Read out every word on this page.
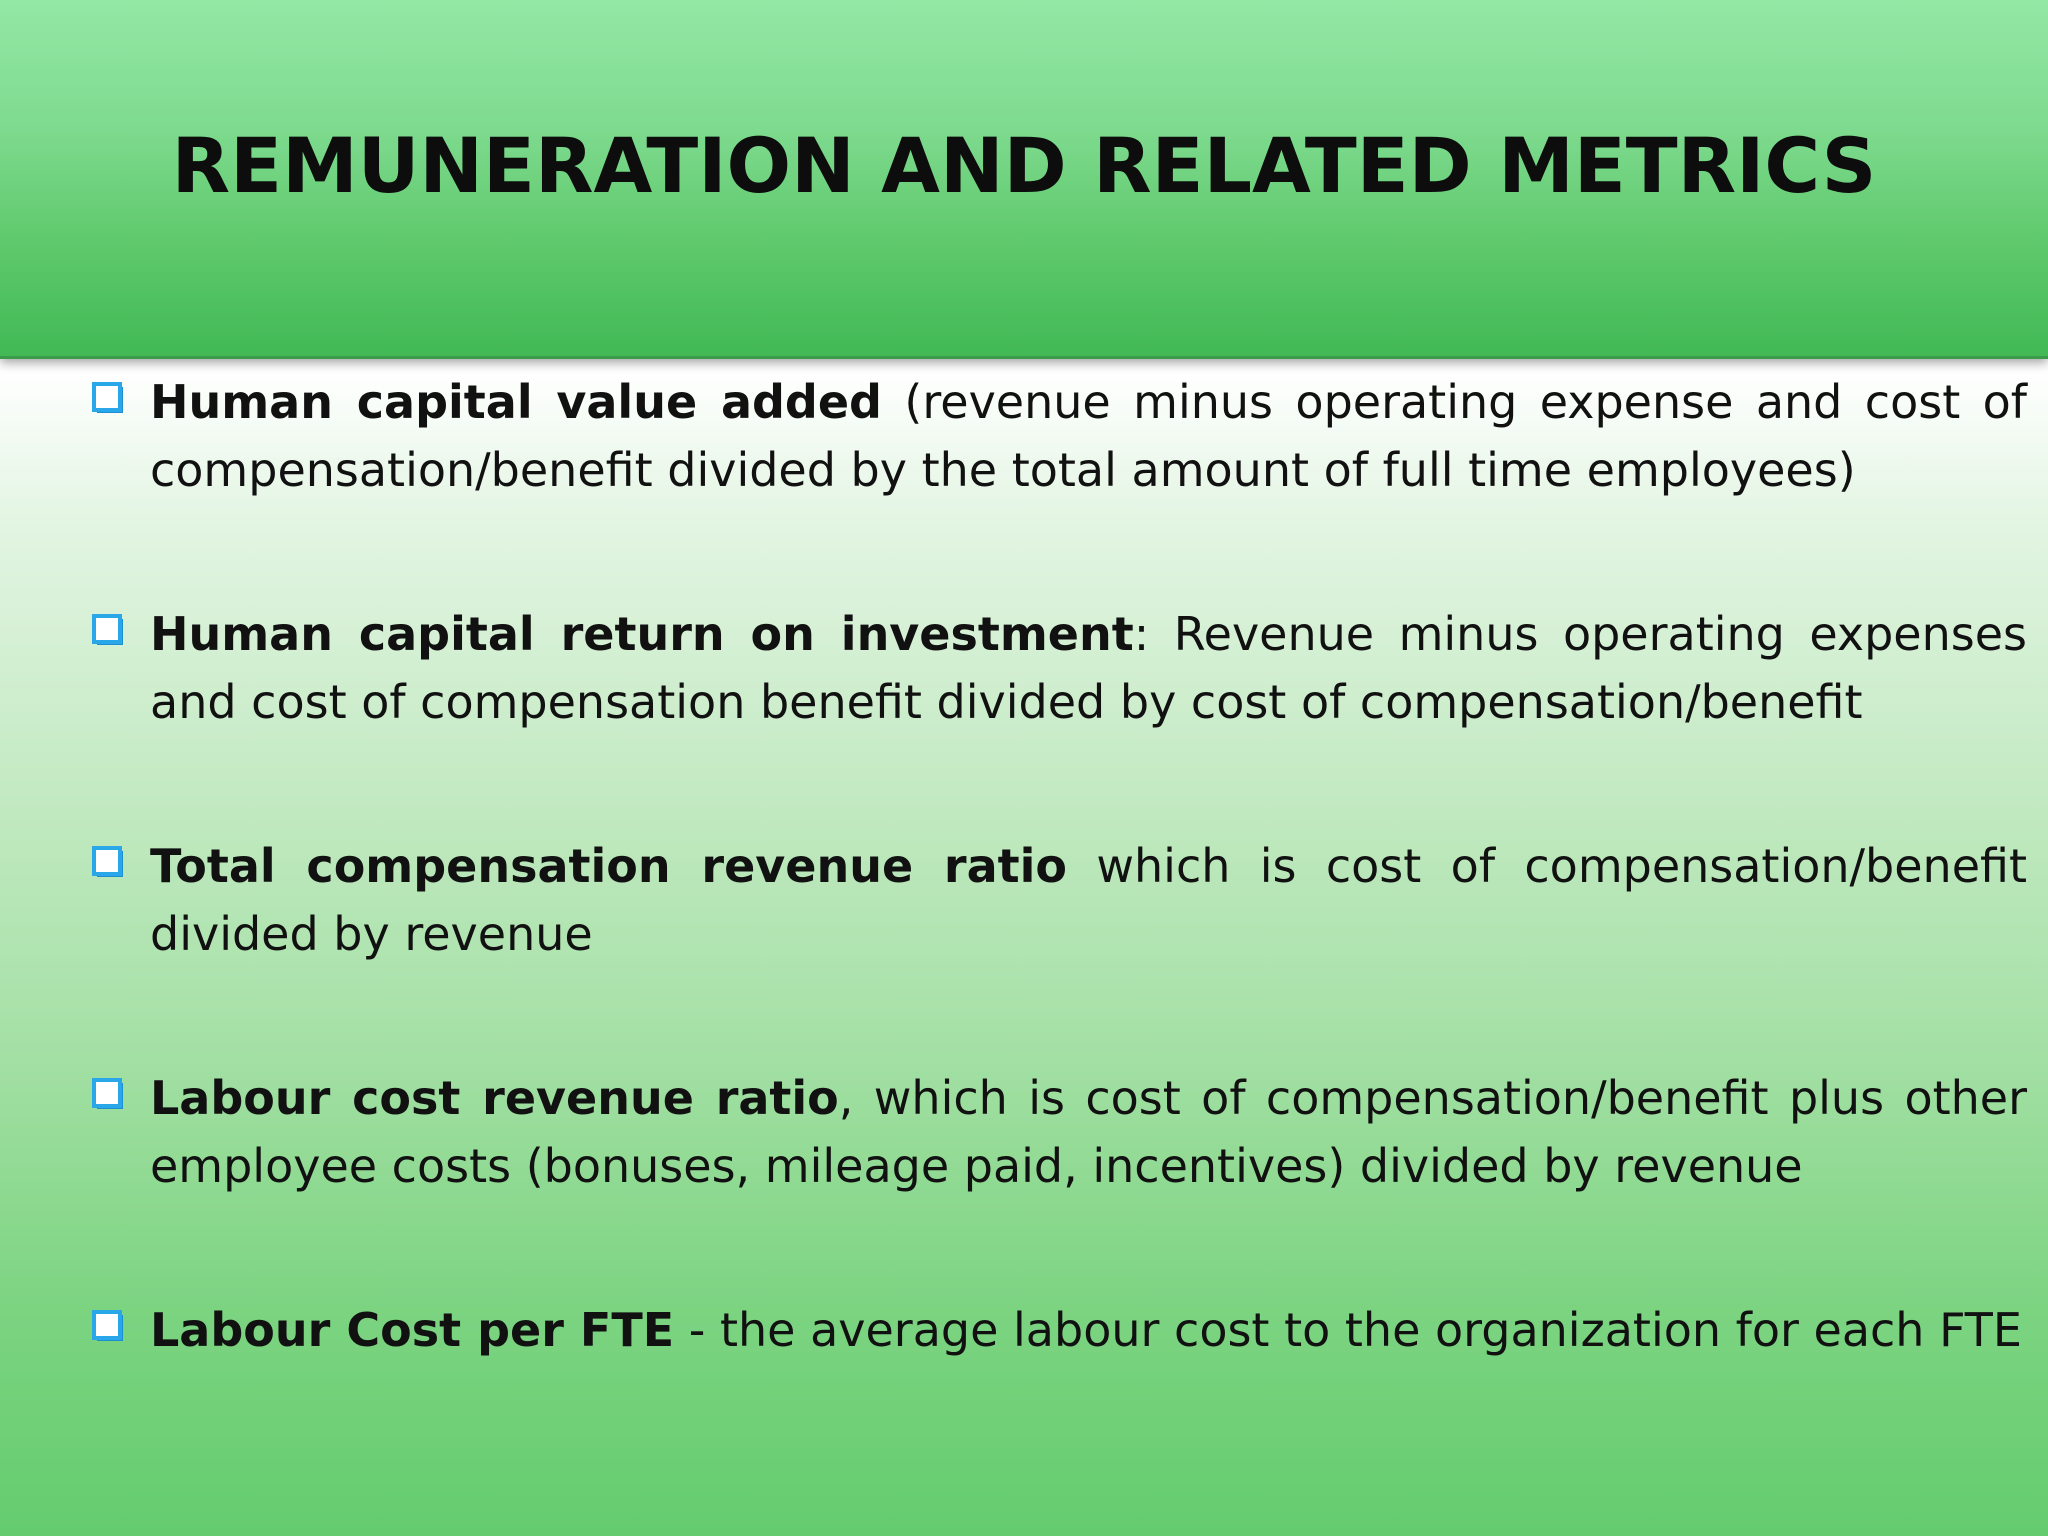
REMUNERATION AND RELATED METRICS
Human capital value added (revenue minus operating expense and cost of compensation/benefit divided by the total amount of full time employees)
Human capital return on investment: Revenue minus operating expenses and cost of compensation benefit divided by cost of compensation/benefit
Total compensation revenue ratio which is cost of compensation/benefit divided by revenue
Labour cost revenue ratio, which is cost of compensation/benefit plus other employee costs (bonuses, mileage paid, incentives) divided by revenue
Labour Cost per FTE - the average labour cost to the organization for each FTE
